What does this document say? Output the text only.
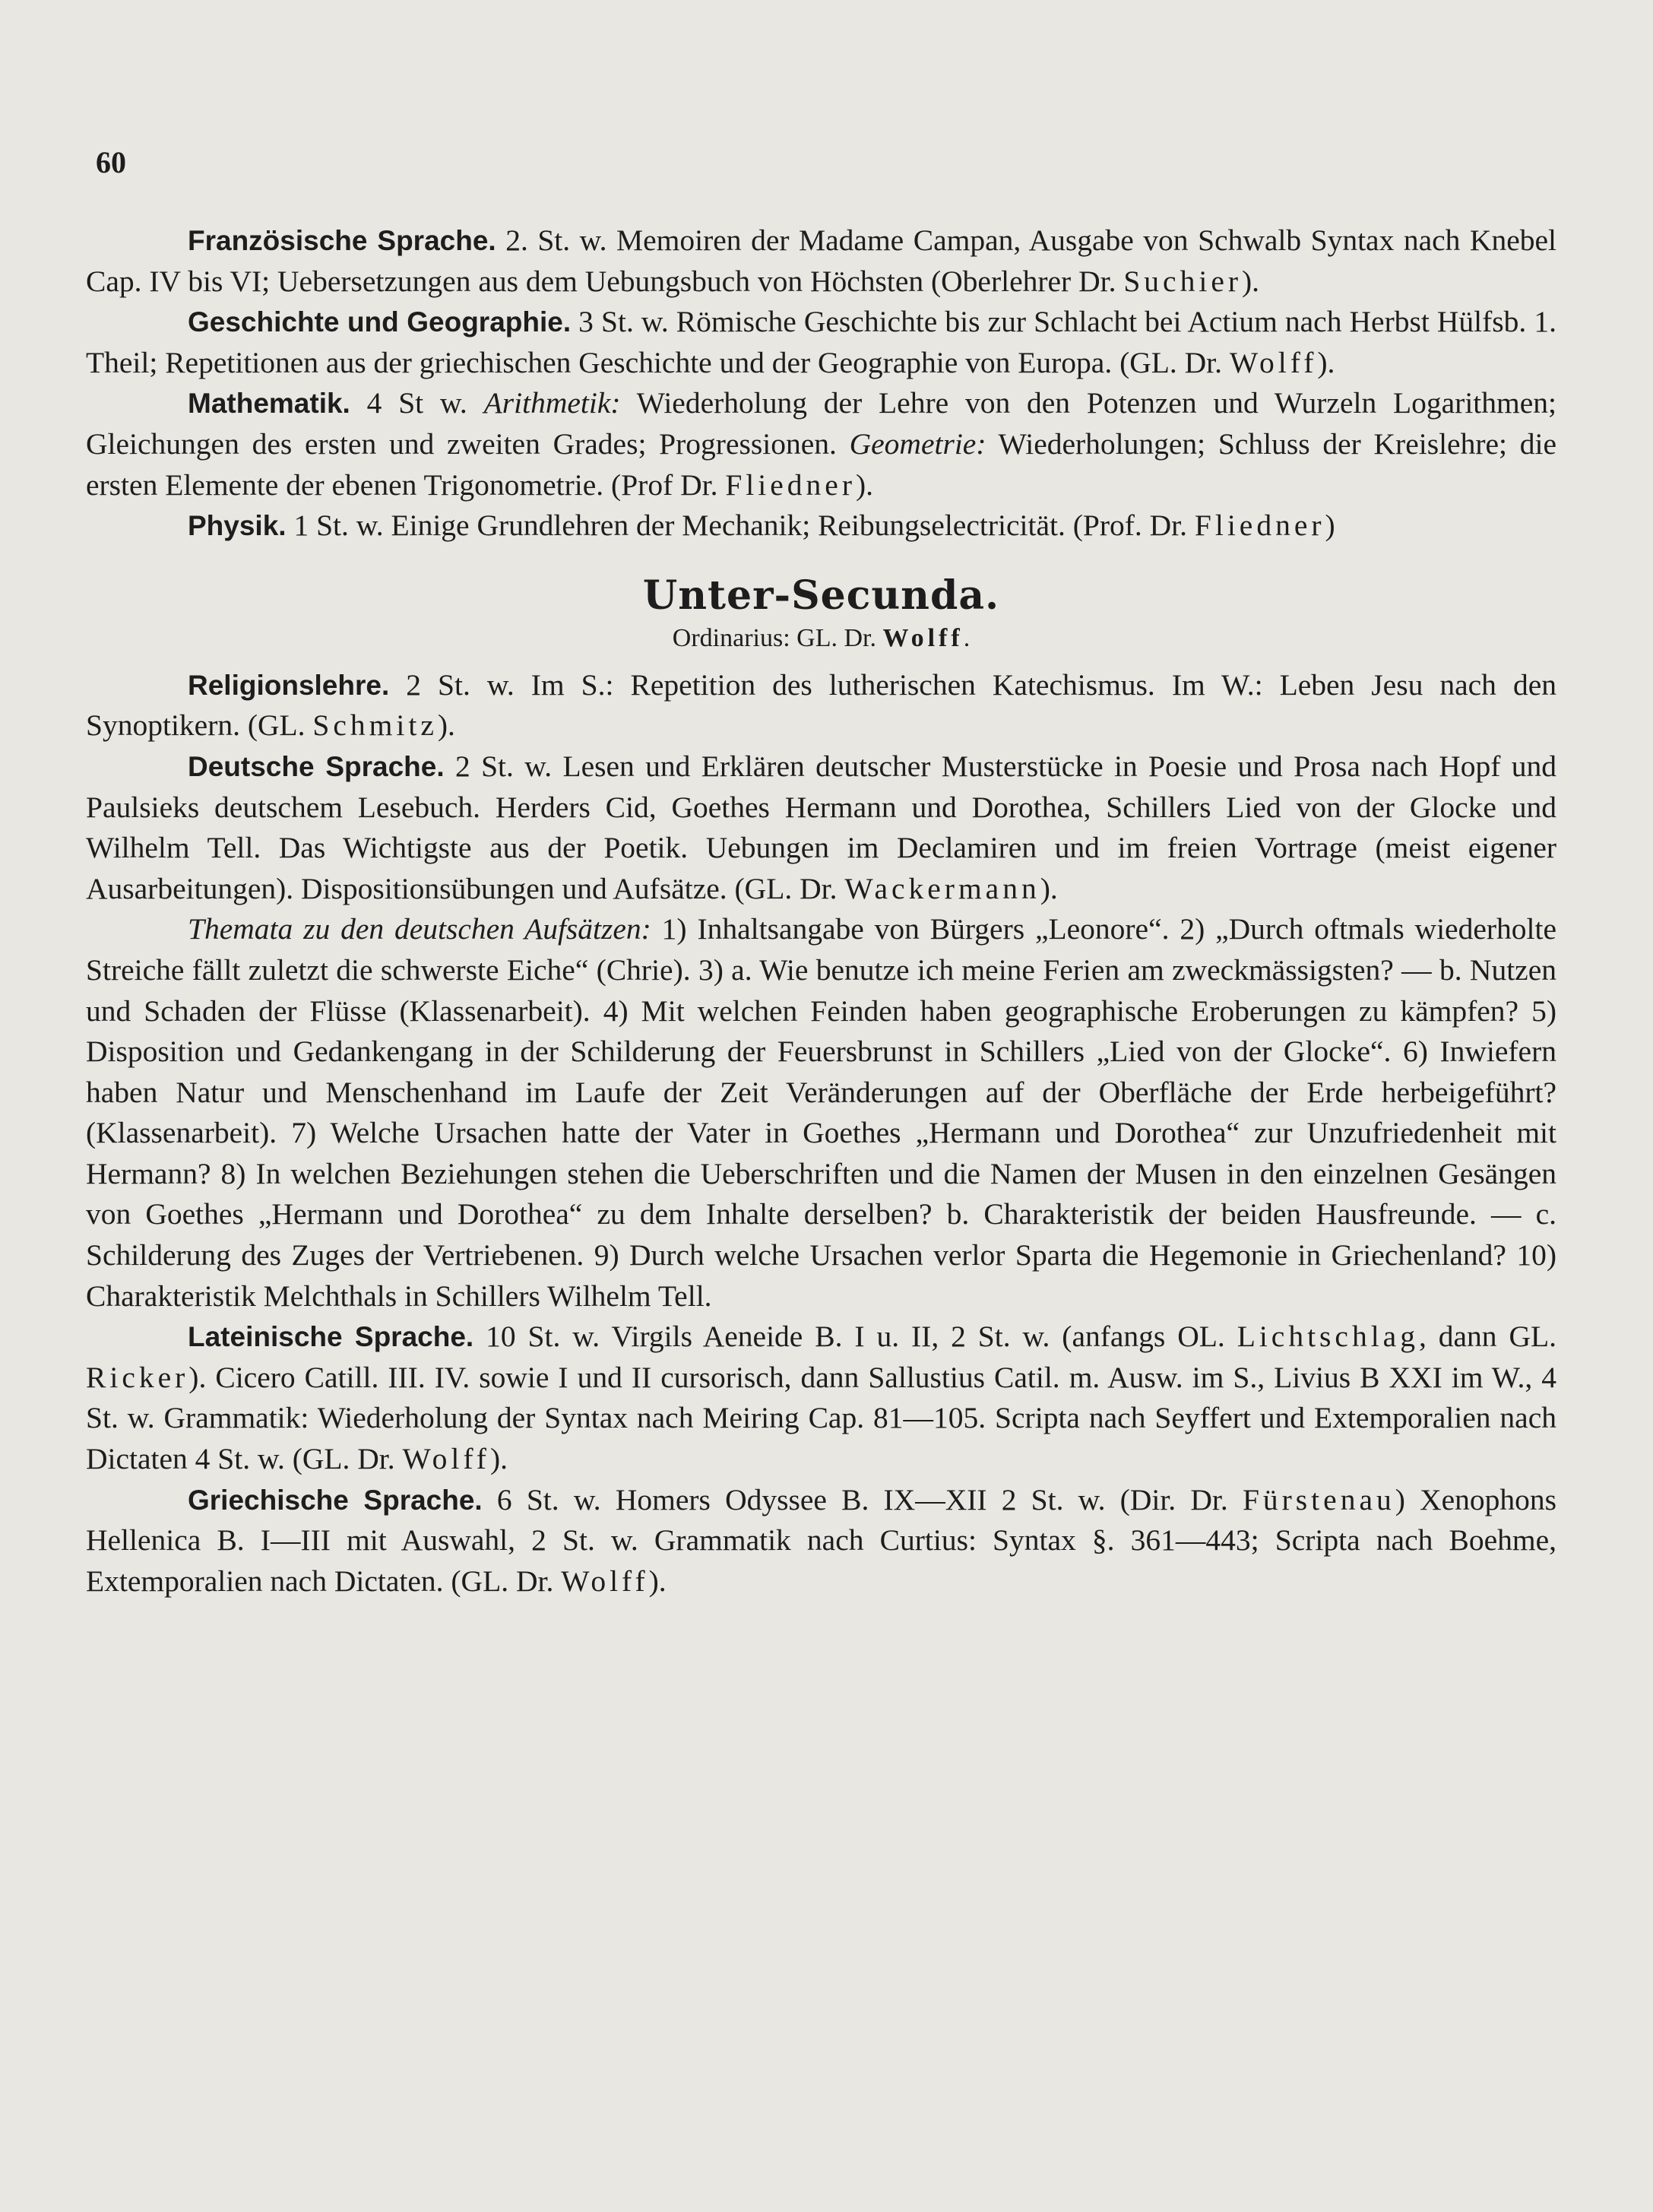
60

Französische Sprache. 2. St. w. Memoiren der Madame Campan, Ausgabe von Schwalb Syntax nach Knebel Cap. IV bis VI; Uebersetzungen aus dem Uebungsbuch von Höchsten (Oberlehrer Dr. Suchier).

Geschichte und Geographie. 3 St. w. Römische Geschichte bis zur Schlacht bei Actium nach Herbst Hülfsb. 1. Theil; Repetitionen aus der griechischen Geschichte und der Geographie von Europa. (GL. Dr. Wolff).

Mathematik. 4 St w. Arithmetik: Wiederholung der Lehre von den Potenzen und Wurzeln Logarithmen; Gleichungen des ersten und zweiten Grades; Progressionen. Geometrie: Wiederholungen; Schluss der Kreislehre; die ersten Elemente der ebenen Trigonometrie. (Prof Dr. Fliedner).

Physik. 1 St. w. Einige Grundlehren der Mechanik; Reibungselectricität. (Prof. Dr. Fliedner)

Unter-Secunda.
Ordinarius: GL. Dr. Wolff.

Religionslehre. 2 St. w. Im S.: Repetition des lutherischen Katechismus. Im W.: Leben Jesu nach den Synoptikern. (GL. Schmitz).

Deutsche Sprache. 2 St. w. Lesen und Erklären deutscher Musterstücke in Poesie und Prosa nach Hopf und Paulsieks deutschem Lesebuch. Herders Cid, Goethes Hermann und Dorothea, Schillers Lied von der Glocke und Wilhelm Tell. Das Wichtigste aus der Poetik. Uebungen im Declamiren und im freien Vortrage (meist eigener Ausarbeitungen). Dispositionsübungen und Aufsätze. (GL. Dr. Wackermann).

Themata zu den deutschen Aufsätzen: 1) Inhaltsangabe von Bürgers „Leonore“. 2) „Durch oftmals wiederholte Streiche fällt zuletzt die schwerste Eiche“ (Chrie). 3) a. Wie benutze ich meine Ferien am zweckmässigsten? — b. Nutzen und Schaden der Flüsse (Klassenarbeit). 4) Mit welchen Feinden haben geographische Eroberungen zu kämpfen? 5) Disposition und Gedankengang in der Schilderung der Feuersbrunst in Schillers „Lied von der Glocke“. 6) Inwiefern haben Natur und Menschenhand im Laufe der Zeit Veränderungen auf der Oberfläche der Erde herbeigeführt? (Klassenarbeit). 7) Welche Ursachen hatte der Vater in Goethes „Hermann und Dorothea“ zur Unzufriedenheit mit Hermann? 8) In welchen Beziehungen stehen die Ueberschriften und die Namen der Musen in den einzelnen Gesängen von Goethes „Hermann und Dorothea“ zu dem Inhalte derselben? b. Charakteristik der beiden Hausfreunde. — c. Schilderung des Zuges der Vertriebenen. 9) Durch welche Ursachen verlor Sparta die Hegemonie in Griechenland? 10) Charakteristik Melchthals in Schillers Wilhelm Tell.

Lateinische Sprache. 10 St. w. Virgils Aeneide B. I u. II, 2 St. w. (anfangs OL. Lichtschlag, dann GL. Ricker). Cicero Catill. III. IV. sowie I und II cursorisch, dann Sallustius Catil. m. Ausw. im S., Livius B XXI im W., 4 St. w. Grammatik: Wiederholung der Syntax nach Meiring Cap. 81—105. Scripta nach Seyffert und Extemporalien nach Dictaten 4 St. w. (GL. Dr. Wolff).

Griechische Sprache. 6 St. w. Homers Odyssee B. IX—XII 2 St. w. (Dir. Dr. Fürstenau) Xenophons Hellenica B. I—III mit Auswahl, 2 St. w. Grammatik nach Curtius: Syntax §. 361—443; Scripta nach Boehme, Extemporalien nach Dictaten. (GL. Dr. Wolff).
